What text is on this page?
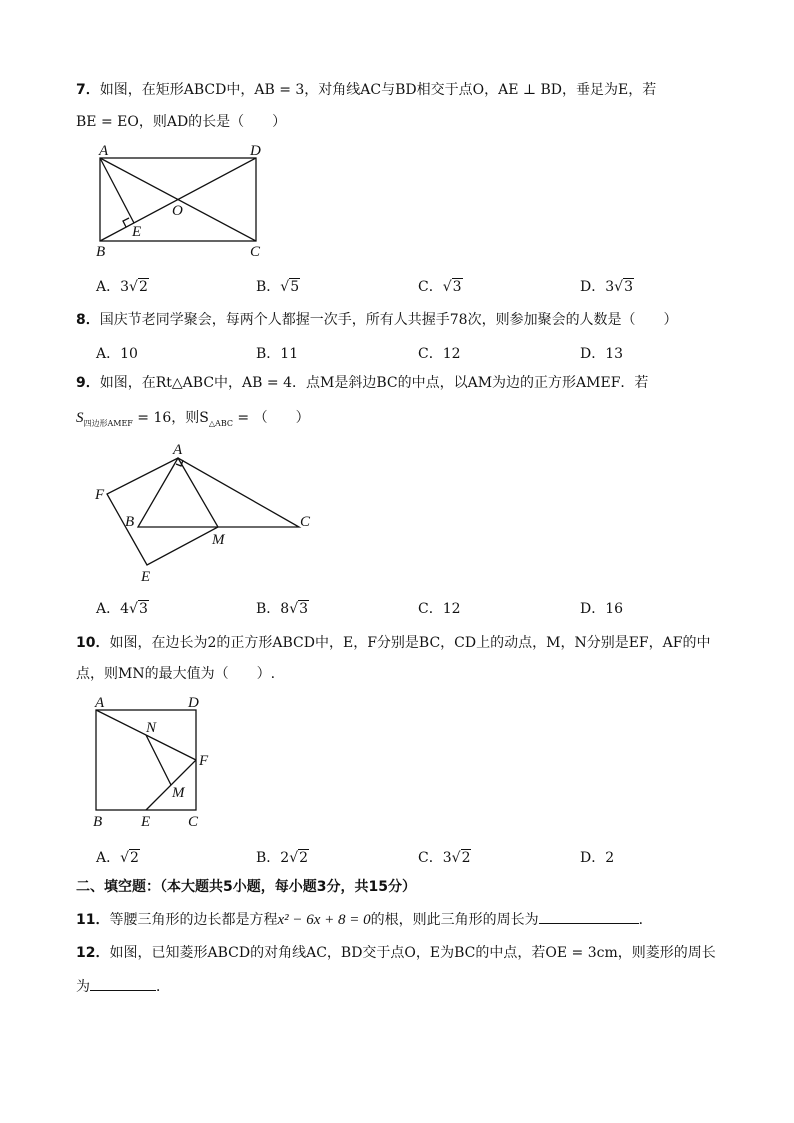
7．如图，在矩形ABCD中，AB = 3，对角线AC与BD相交于点O，AE ⊥ BD，垂足为E，若
BE = EO，则AD的长是（　　）
A	D
B	C
O
E
A．3√2	B．√5	C．√3	D．3√3
8．国庆节老同学聚会，每两个人都握一次手，所有人共握手78次，则参加聚会的人数是（　　）
A．10	B．11	C．12	D．13
9．如图，在Rt△ABC中，AB = 4．点M是斜边BC的中点，以AM为边的正方形AMEF．若
$S_{四边形AMEF} = 16$，则$S_{\triangle ABC}$ = （　　）
A
B	C
M
E
F
A．4√3	B．8√3	C．12	D．16
10．如图，在边长为2的正方形ABCD中，E，F分别是BC，CD上的动点，M，N分别是EF，AF的中
点，则MN的最大值为（　　）.
A	D
B	E	C
F
N
M
A．√2	B．2√2	C．3√2	D．2
二、填空题：（本大题共5小题，每小题3分，共15分）
11．等腰三角形的边长都是方程x² − 6x + 8 = 0的根，则此三角形的周长为	．
12．如图，已知菱形ABCD的对角线AC，BD交于点O，E为BC的中点，若OE = 3cm，则菱形的周长
为	．
